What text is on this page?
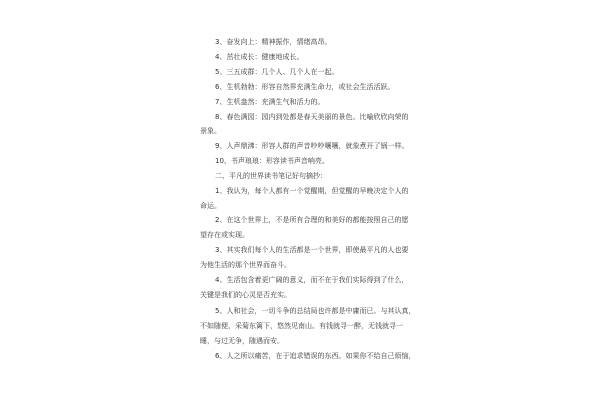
3、奋发向上：精神振作，情绪高昂。
4、茁壮成长：健康地成长。
5、三五成群：几个人、几个人在一起。
6、生机勃勃：形容自然界充满生命力，或社会生活活跃。
7、生机盎然：充满生气和活力的。
8、春色满园：园内到处都是春天美丽的景色。比喻欣欣向荣的
景象。
9、人声鼎沸：形容人群的声音吵吵嚷嚷，就象煮开了锅一样。
10、书声琅琅：形容读书声音响亮。
二、平凡的世界读书笔记好句摘抄：
1、我认为，每个人都有一个觉醒期，但觉醒的早晚决定个人的
命运。
2、在这个世界上，不是所有合理的和美好的都能按照自己的愿
望存在或实现。
3、其实我们每个人的生活都是一个世界，即使最平凡的人也要
为他生活的那个世界而奋斗。
4、生活包含着更广阔的意义，而不在于我们实际得到了什么，
关键是我们的心灵是否充实。
5、人和社会，一切斗争的总结局也许都是中庸而已。与其认真，
不如随便，采菊东篱下，悠然见南山。有钱就寻一醉，无钱就寻一
睡，与过无争，随遇而安。
6、人之所以痛苦，在于追求错误的东西。如果你不给自己烦恼，
